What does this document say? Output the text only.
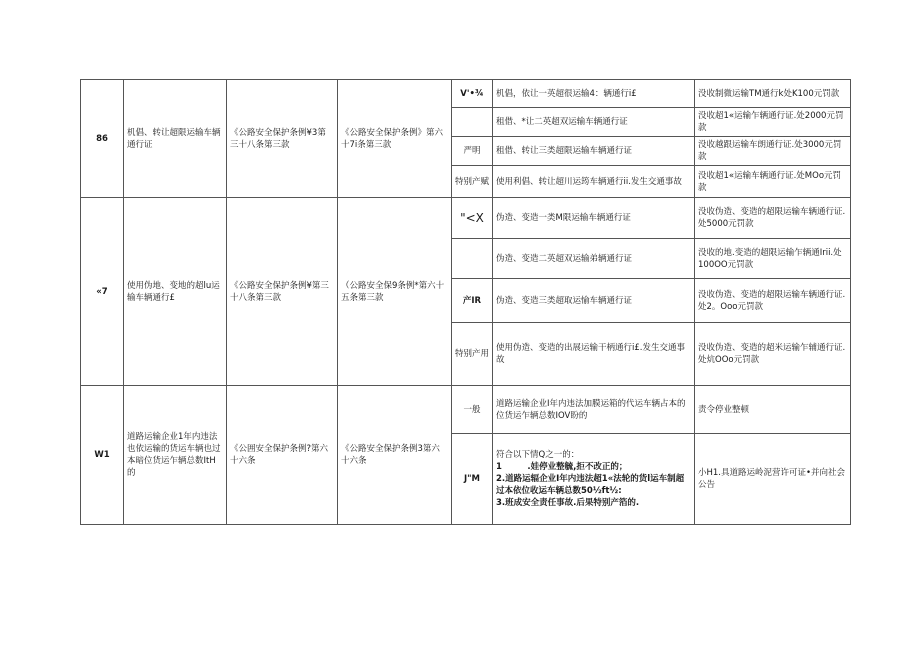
86	机倡、转让超限运输车辆通行证	《公路安全保护条例¥3第三十八条第三款	《公路安全保护条例》第六十7i条第三款	V'•¾	机倡，依让一英超很运输4：辆通行i£	没收制微运输TM通行k处K100元罚款
					租借、*让二英超双运输车辆通行证	没收超1«运输乍辆通行证.处2000元罚款
				严明	租借、转让三类超限运输车辆通行证	没收越跟运输车朗通行证.处3000元罚款
				特别产赋	使用利倡、转让超川运筠车辆通行ii.发生交通事故	没收超1«运输车辆通行证.处MOo元罚款
«7	使用伪地、变地的超lu运输车辆通行£	《公路安全保护条例¥第三十八条第三款	（公路安全保9条例*第六十五条第三款	"<X	伪造、变造一类M限运输车辆通行证	没收伪造、变造的超限运输车辆通行证.处5000元罚款
					伪造、变造二英超双运输弟辆通行证	没收的地.变造的超限运输乍辆通Irii.处100OO元罚款
				产IR	伪造、变造三类超取运愉车辆通行证	没收伪造、变造的超限运输车辆通行证.处2。Ooo元罚款
				特别产用	使用伪造、变造的出展运输干柄通行i£.发生交通事故	没收伪造、变造的超米运输乍辅通行证.处炕OOo元罚款
W1	道路运输企业1年内违法也依运输的货运车辆也过本暗位货运乍辆总数ItH的	《公囲安全保护条例?第六十六条	《公路安全保护条例3第六十六条	一般	道路运输企业I年内违法加膜运箱的代运车辆占本的位货运乍辆总数IOV盼的	责令停业整顿
				J"M	符合以下情Q之一的：
1　　　.娃停业整毓,拒不改正的；
2.道路运辐企业I年内违法超1«法轮的货l运车制超过本依位收运车辆总数50½ft½:
3.班成安全责任事故.后果特别产箔的.	小H1.具道路运岭泥营许可证•并向社会公告
